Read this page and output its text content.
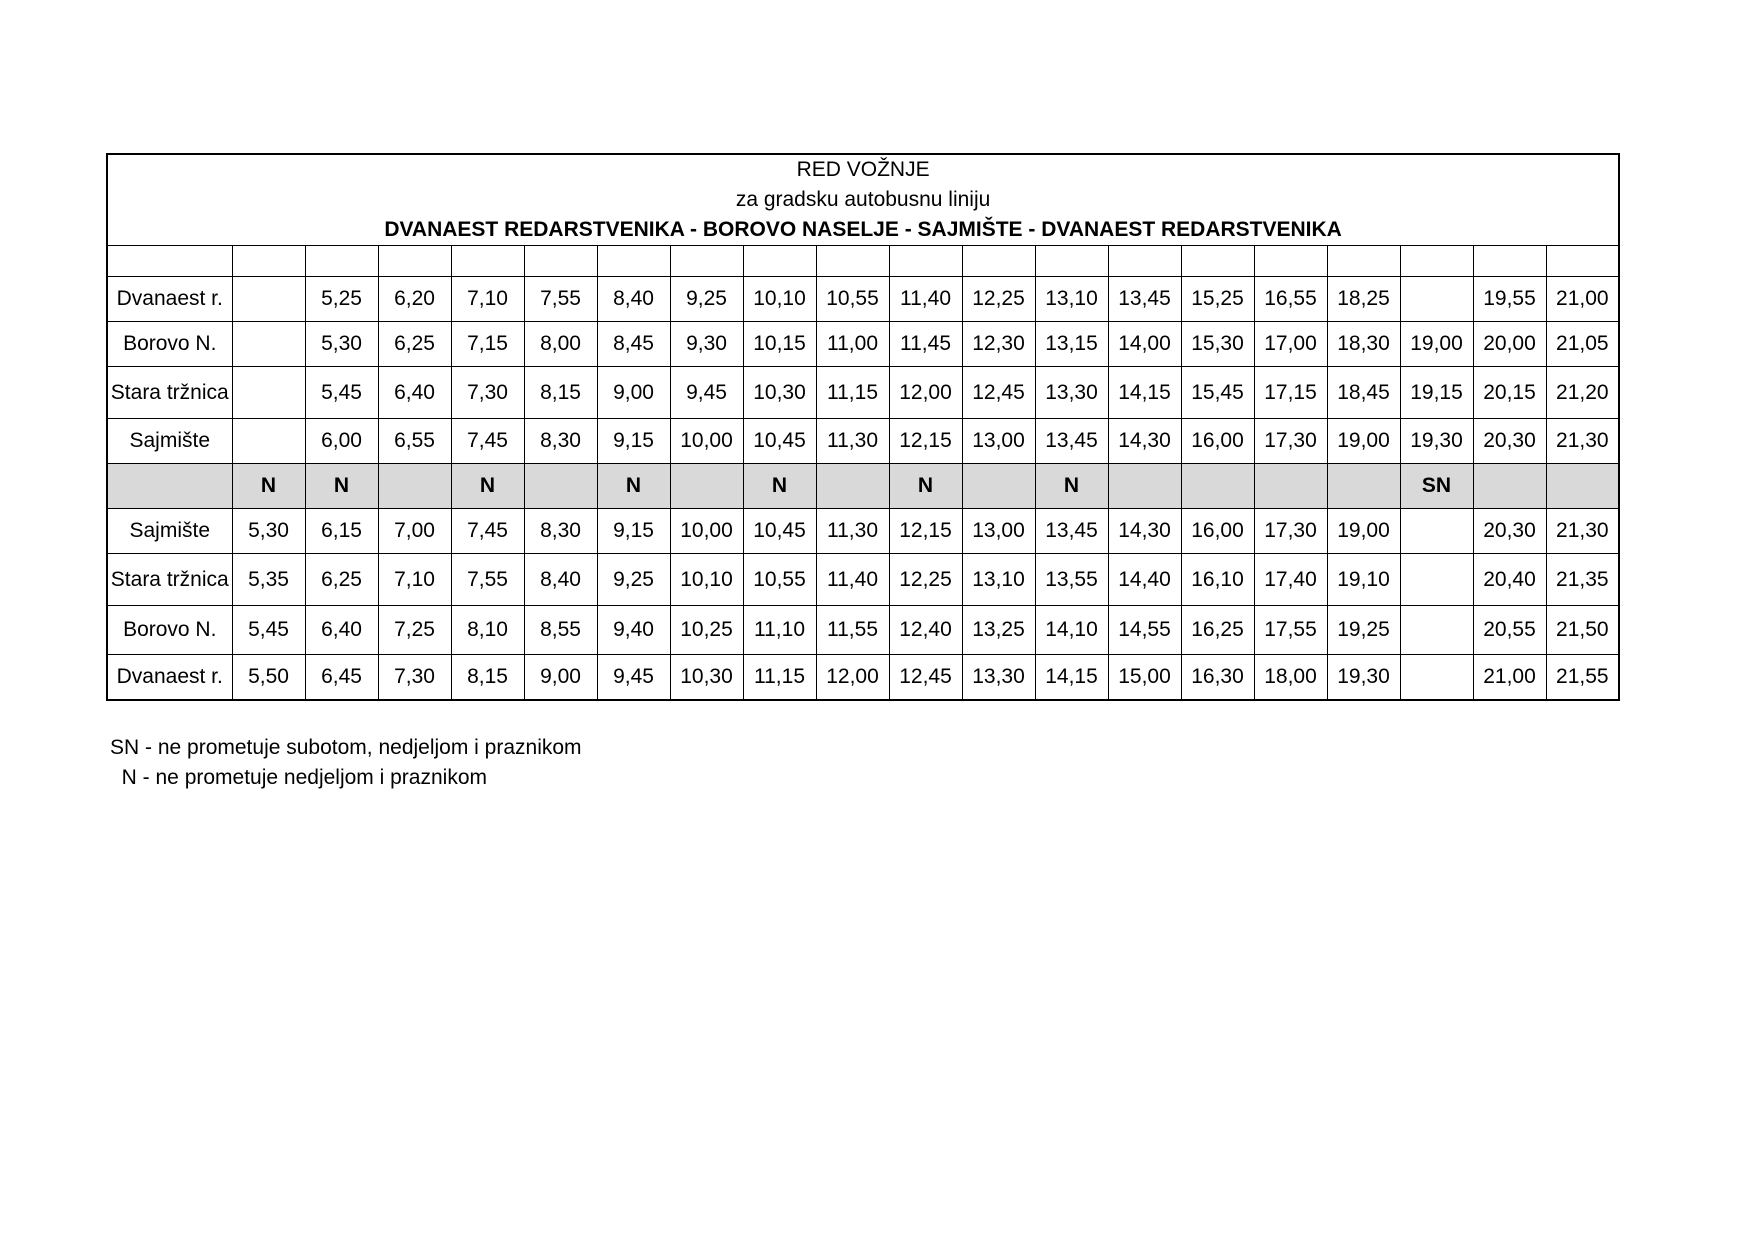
RED VOŽNJE
za gradsku autobusnu liniju
DVANAEST REDARSTVENIKA - BOROVO NASELJE - SAJMIŠTE - DVANAEST REDARSTVENIKA																			

Dvanaest r.		5,25	6,20	7,10	7,55	8,40	9,25	10,10	10,55	11,40	12,25	13,10	13,45	15,25	16,55	18,25		19,55	21,00
Borovo N.		5,30	6,25	7,15	8,00	8,45	9,30	10,15	11,00	11,45	12,30	13,15	14,00	15,30	17,00	18,30	19,00	20,00	21,05
Stara tržnica		5,45	6,40	7,30	8,15	9,00	9,45	10,30	11,15	12,00	12,45	13,30	14,15	15,45	17,15	18,45	19,15	20,15	21,20
Sajmište		6,00	6,55	7,45	8,30	9,15	10,00	10,45	11,30	12,15	13,00	13,45	14,30	16,00	17,30	19,00	19,30	20,30	21,30
	N	N		N		N		N		N		N					SN		
Sajmište	5,30	6,15	7,00	7,45	8,30	9,15	10,00	10,45	11,30	12,15	13,00	13,45	14,30	16,00	17,30	19,00		20,30	21,30
Stara tržnica	5,35	6,25	7,10	7,55	8,40	9,25	10,10	10,55	11,40	12,25	13,10	13,55	14,40	16,10	17,40	19,10		20,40	21,35
Borovo N.	5,45	6,40	7,25	8,10	8,55	9,40	10,25	11,10	11,55	12,40	13,25	14,10	14,55	16,25	17,55	19,25		20,55	21,50
Dvanaest r.	5,50	6,45	7,30	8,15	9,00	9,45	10,30	11,15	12,00	12,45	13,30	14,15	15,00	16,30	18,00	19,30		21,00	21,55
SN - ne prometuje subotom, nedjeljom i praznikom
N - ne prometuje nedjeljom i praznikom
